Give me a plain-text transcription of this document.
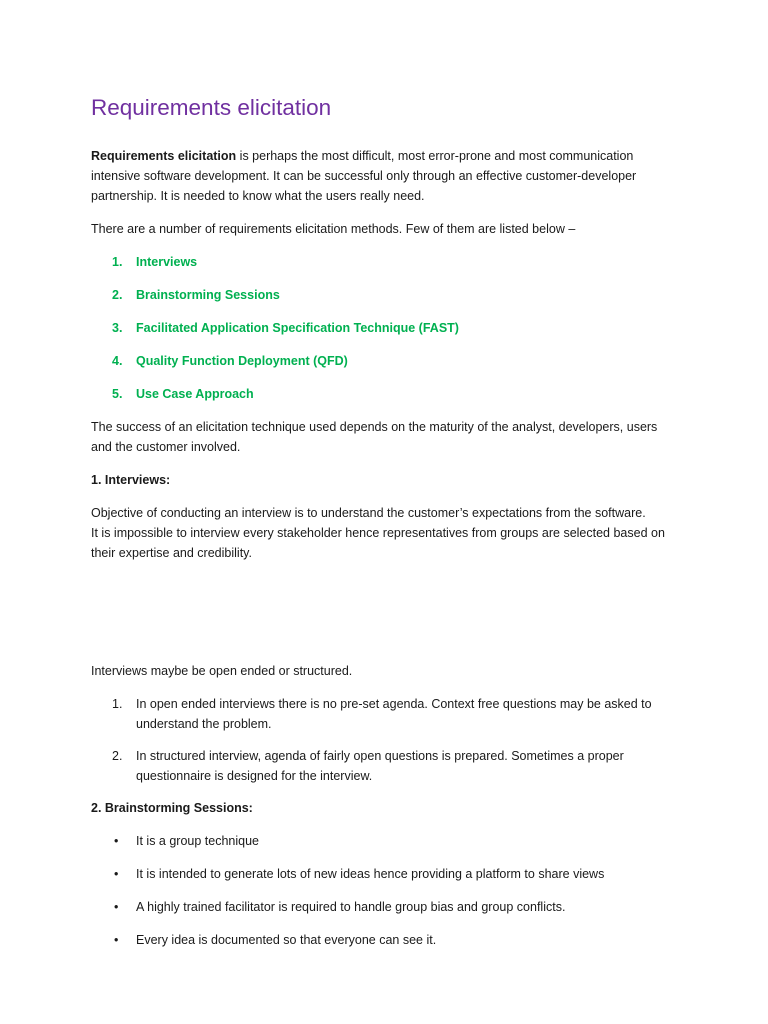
Requirements elicitation

Requirements elicitation is perhaps the most difficult, most error-prone and most communication intensive software development. It can be successful only through an effective customer-developer partnership. It is needed to know what the users really need.

There are a number of requirements elicitation methods. Few of them are listed below –

1. Interviews
2. Brainstorming Sessions
3. Facilitated Application Specification Technique (FAST)
4. Quality Function Deployment (QFD)
5. Use Case Approach

The success of an elicitation technique used depends on the maturity of the analyst, developers, users and the customer involved.

1. Interviews:

Objective of conducting an interview is to understand the customer’s expectations from the software.

It is impossible to interview every stakeholder hence representatives from groups are selected based on their expertise and credibility.

Interviews maybe be open ended or structured.

1. In open ended interviews there is no pre-set agenda. Context free questions may be asked to understand the problem.
2. In structured interview, agenda of fairly open questions is prepared. Sometimes a proper questionnaire is designed for the interview.

2. Brainstorming Sessions:

• It is a group technique
• It is intended to generate lots of new ideas hence providing a platform to share views
• A highly trained facilitator is required to handle group bias and group conflicts.
• Every idea is documented so that everyone can see it.
